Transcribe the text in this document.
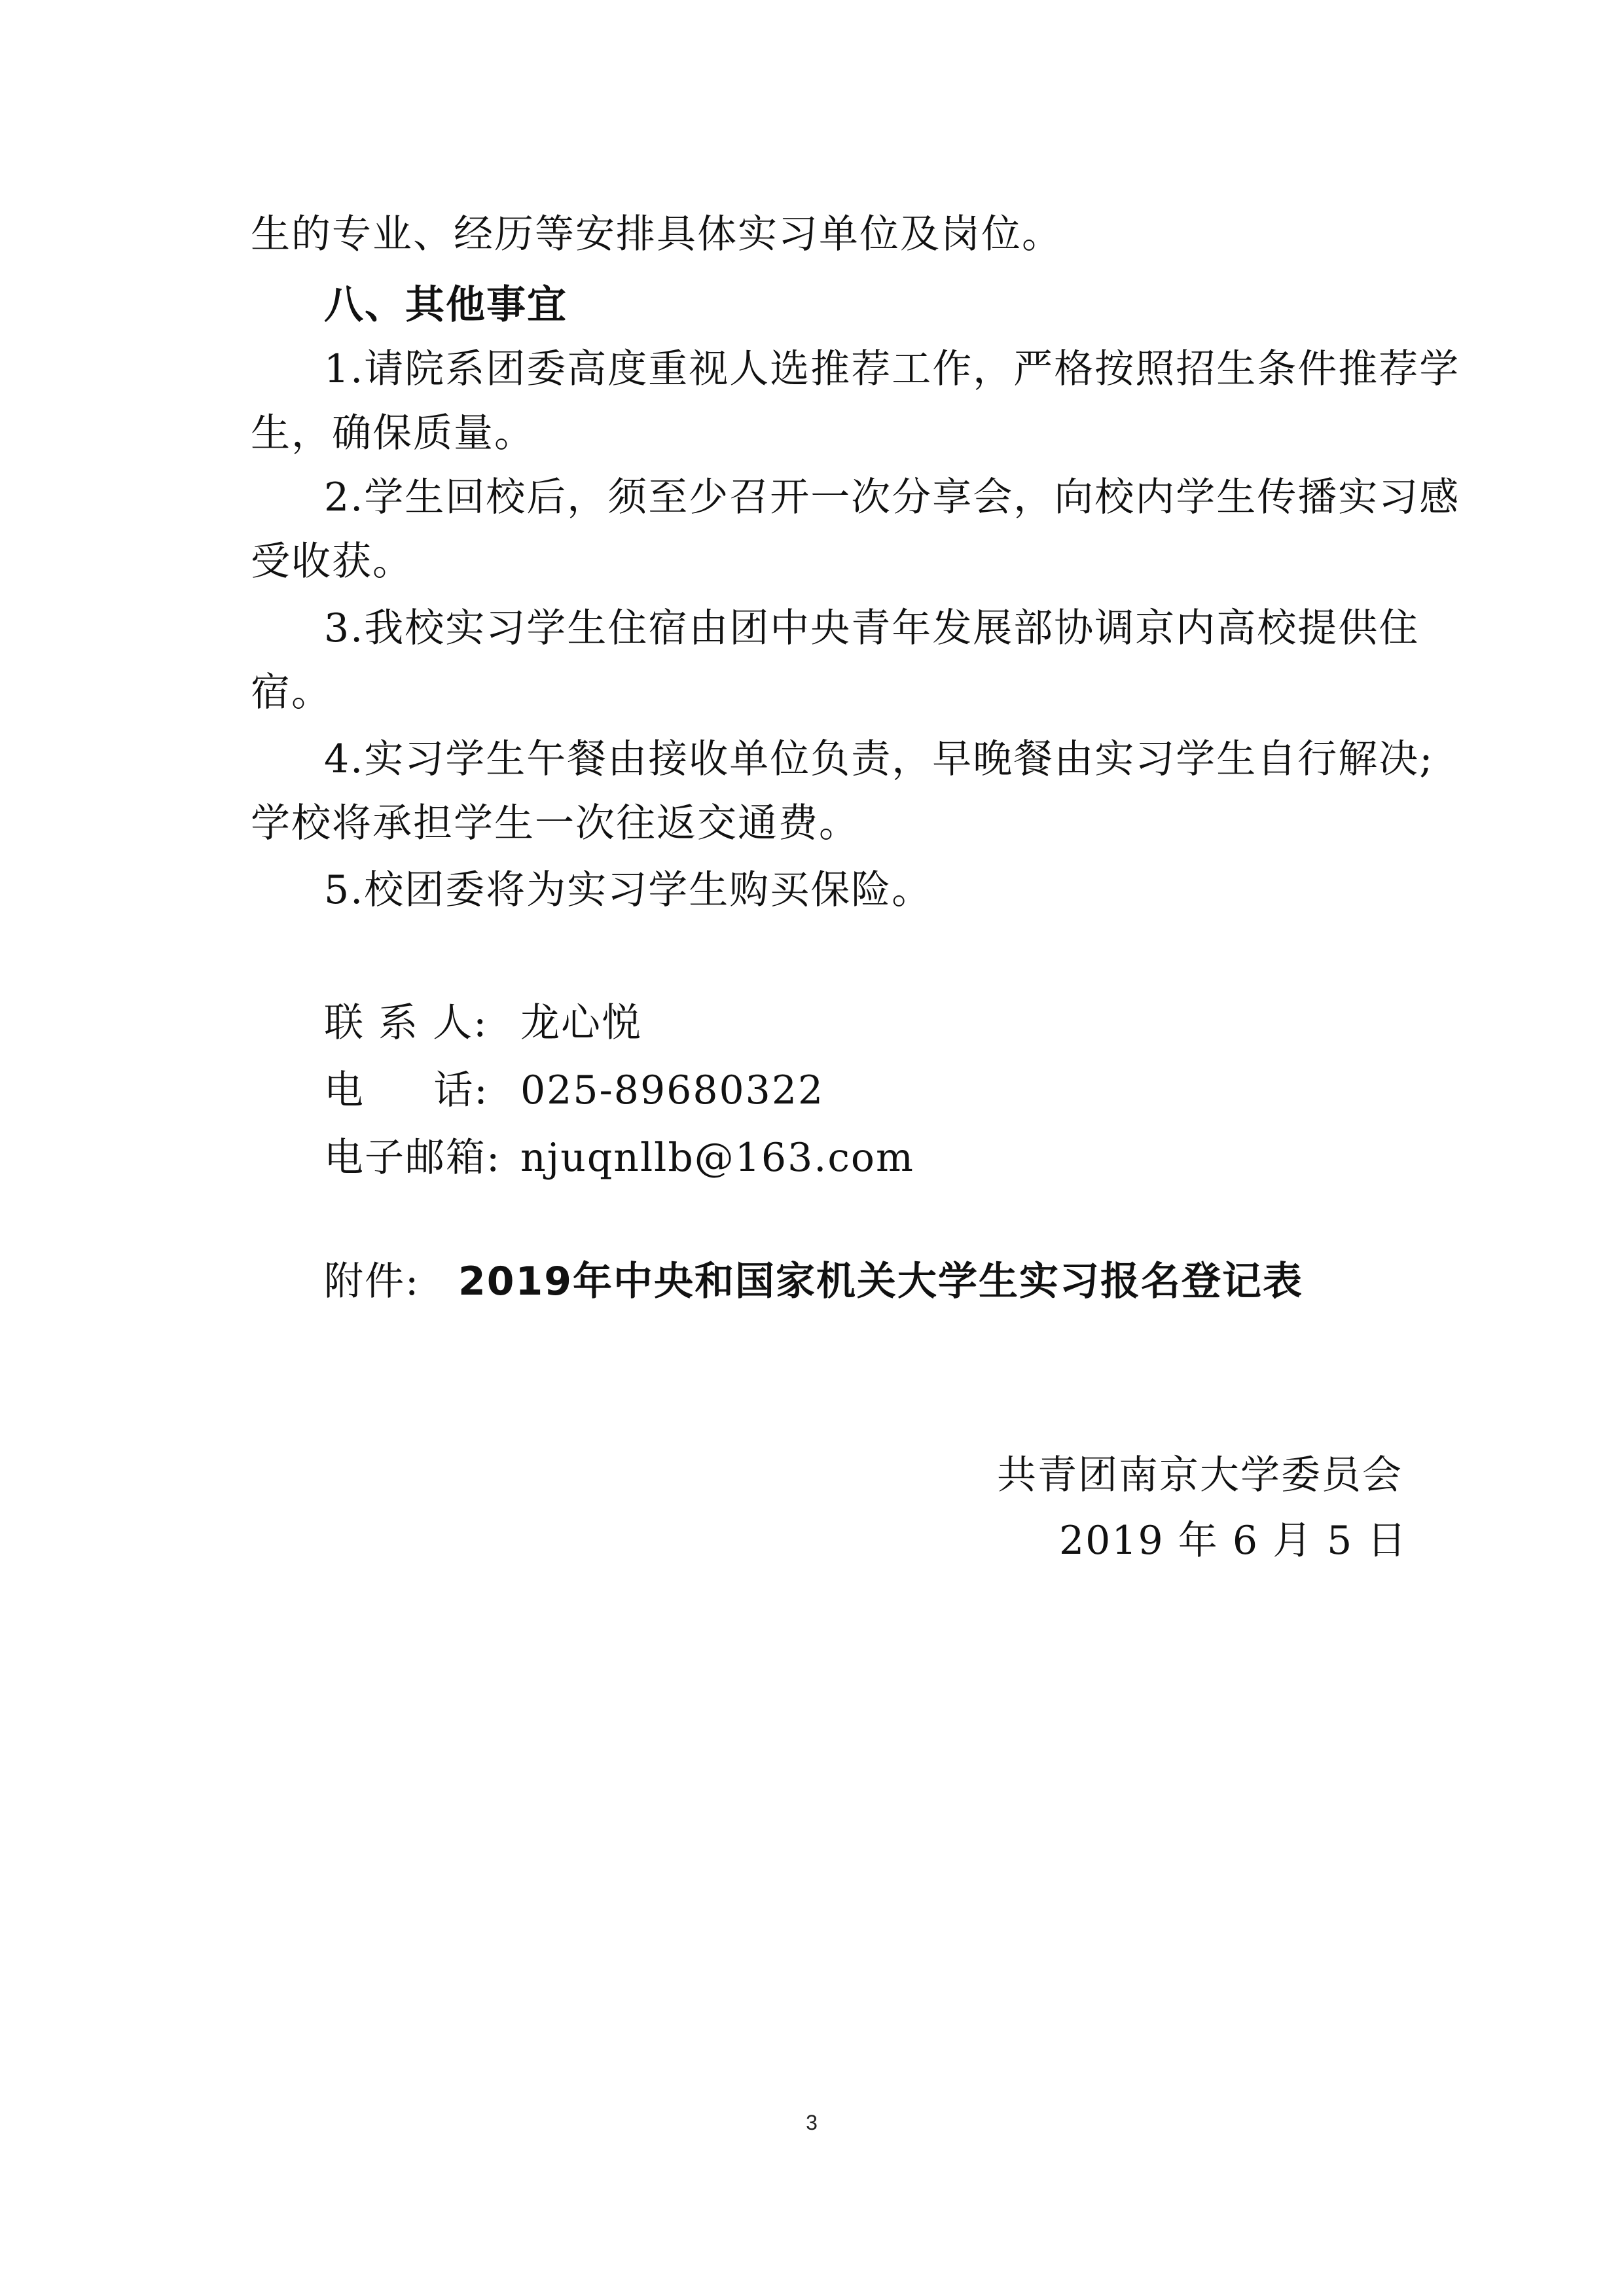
生的专业、经历等安排具体实习单位及岗位。
八、其他事宜
1.请院系团委高度重视人选推荐工作，严格按照招生条件推荐学
生，确保质量。
2.学生回校后，须至少召开一次分享会，向校内学生传播实习感
受收获。
3.我校实习学生住宿由团中央青年发展部协调京内高校提供住
宿。
4.实习学生午餐由接收单位负责，早晚餐由实习学生自行解决;
学校将承担学生一次往返交通费。
5.校团委将为实习学生购买保险。
联 系 人: 龙心悦
电     话: 025-89680322
电子邮箱: njuqnllb@163.com
附件: 2019年中央和国家机关大学生实习报名登记表
共青团南京大学委员会
2019 年 6 月 5 日
3
